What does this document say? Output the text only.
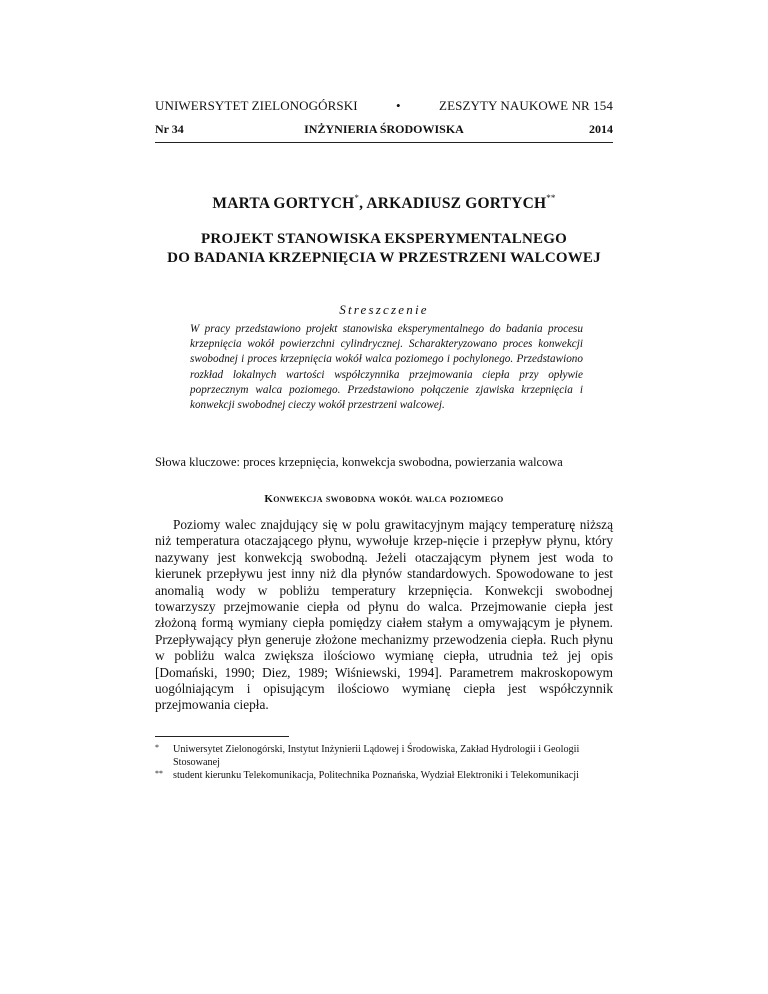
UNIWERSYTET ZIELONOGÓRSKI	•	ZESZYTY NAUKOWE NR 154
Nr 34	INŻYNIERIA ŚRODOWISKA	2014
MARTA GORTYCH*, ARKADIUSZ GORTYCH**
PROJEKT STANOWISKA EKSPERYMENTALNEGO
DO BADANIA KRZEPNIĘCIA W PRZESTRZENI WALCOWEJ
Streszczenie
W pracy przedstawiono projekt stanowiska eksperymentalnego do badania procesu krzepnięcia wokół powierzchni cylindrycznej. Scharakteryzowano proces konwekcji swobodnej i proces krzepnięcia wokół walca poziomego i pochylonego. Przedstawiono rozkład lokalnych wartości współczynnika przejmowania ciepła przy opływie poprzecznym walca poziomego. Przedstawiono połączenie zjawiska krzepnięcia i konwekcji swobodnej cieczy wokół przestrzeni walcowej.
Słowa kluczowe: proces krzepnięcia, konwekcja swobodna, powierzania walcowa
Konwekcja swobodna wokół walca poziomego
Poziomy walec znajdujący się w polu grawitacyjnym mający temperaturę niższą niż temperatura otaczającego płynu, wywołuje krzep-nięcie i przepływ płynu, który nazywany jest konwekcją swobodną. Jeżeli otaczającym płynem jest woda to kierunek przepływu jest inny niż dla płynów standardowych. Spowodowane to jest anomalią wody w pobliżu temperatury krzepnięcia. Konwekcji swobodnej towarzyszy przejmowanie ciepła od płynu do walca. Przejmowanie ciepła jest złożoną formą wymiany ciepła pomiędzy ciałem stałym a omywającym je płynem. Przepływający płyn generuje złożone mechanizmy przewodzenia ciepła. Ruch płynu w pobliżu walca zwiększa ilościowo wymianę ciepła, utrudnia też jej opis [Domański, 1990; Diez, 1989; Wiśniewski, 1994]. Parametrem makroskopowym uogólniającym i opisującym ilościowo wymianę ciepła jest współczynnik przejmowania ciepła.
* Uniwersytet Zielonogórski, Instytut Inżynierii Lądowej i Środowiska, Zakład Hydrologii i Geologii Stosowanej
** student kierunku Telekomunikacja, Politechnika Poznańska, Wydział Elektroniki i Telekomunikacji
